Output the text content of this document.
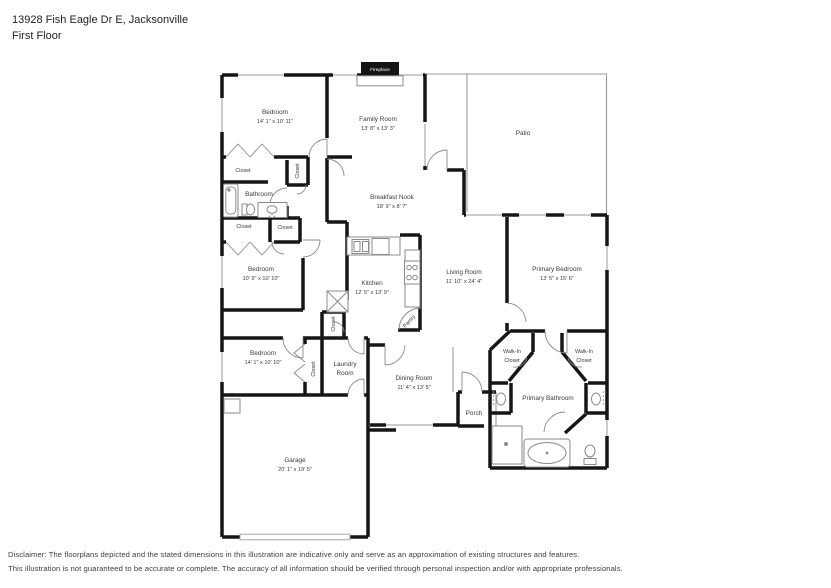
13928 Fish Eagle Dr E, Jacksonville
First Floor
Fireplace
Bedroom
14' 1" x 10' 11"	Family Room
13' 8" x 13' 3"
Patio
Closet	Closet
Bathroom	Breakfast Nook
18' 9" x 8' 7"
Closet	Closet
Bedroom
10' 9" x 10' 10"
Kitchen
12' 5" x 13' 9"
Living Room
11' 10" x 24' 4"
Primary Bedroom
13' 5" x 15' 6"
Closet	Pantry
Bedroom
14' 1" x 10' 10"	Closet	Laundry
Room
Dining Room
11' 4" x 13' 5"
Walk-In
Closet
Walk-In
Closet
Primary Bathroom
Porch
Garage
20' 1" x 19' 5"
Disclaimer: The floorplans depicted and the stated dimensions in this illustration are indicative only and serve as an approximation of existing structures and features.
This illustration is not guaranteed to be accurate or complete. The accuracy of all information should be verified through personal inspection and/or with appropriate professionals.
